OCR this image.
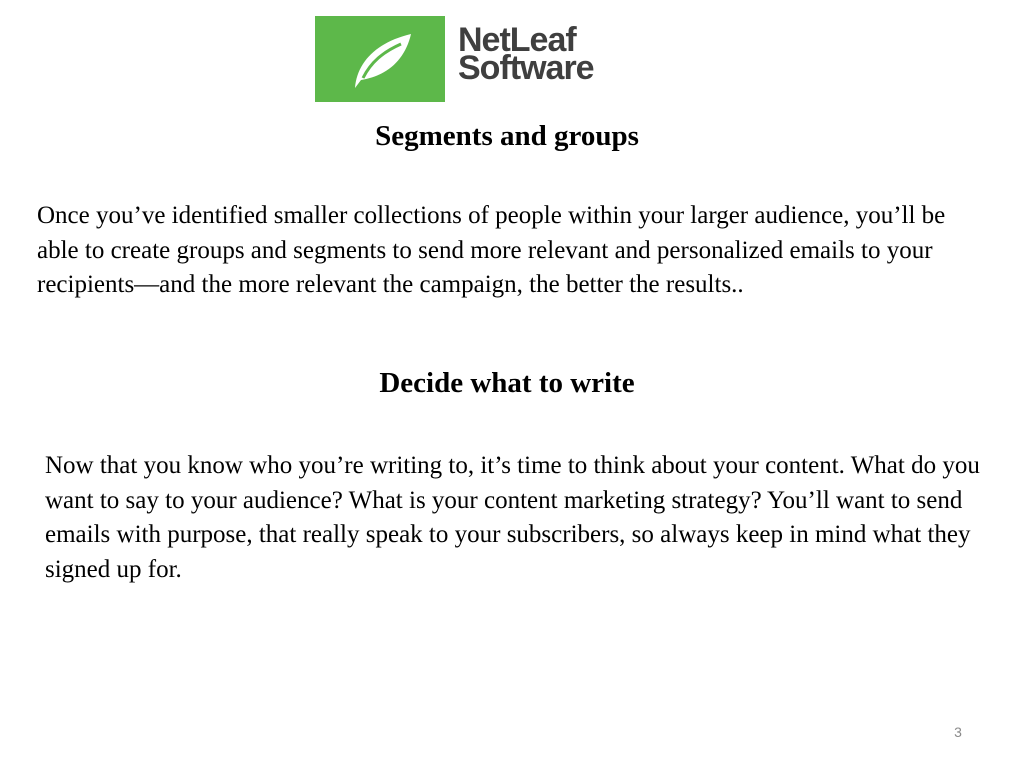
NetLeaf
Software
Segments and groups

Once you’ve identified smaller collections of people within your larger audience, you’ll be able to create groups and segments to send more relevant and personalized emails to your recipients—and the more relevant the campaign, the better the results..

Decide what to write

Now that you know who you’re writing to, it’s time to think about your content. What do you want to say to your audience? What is your content marketing strategy? You’ll want to send emails with purpose, that really speak to your subscribers, so always keep in mind what they signed up for.

3
